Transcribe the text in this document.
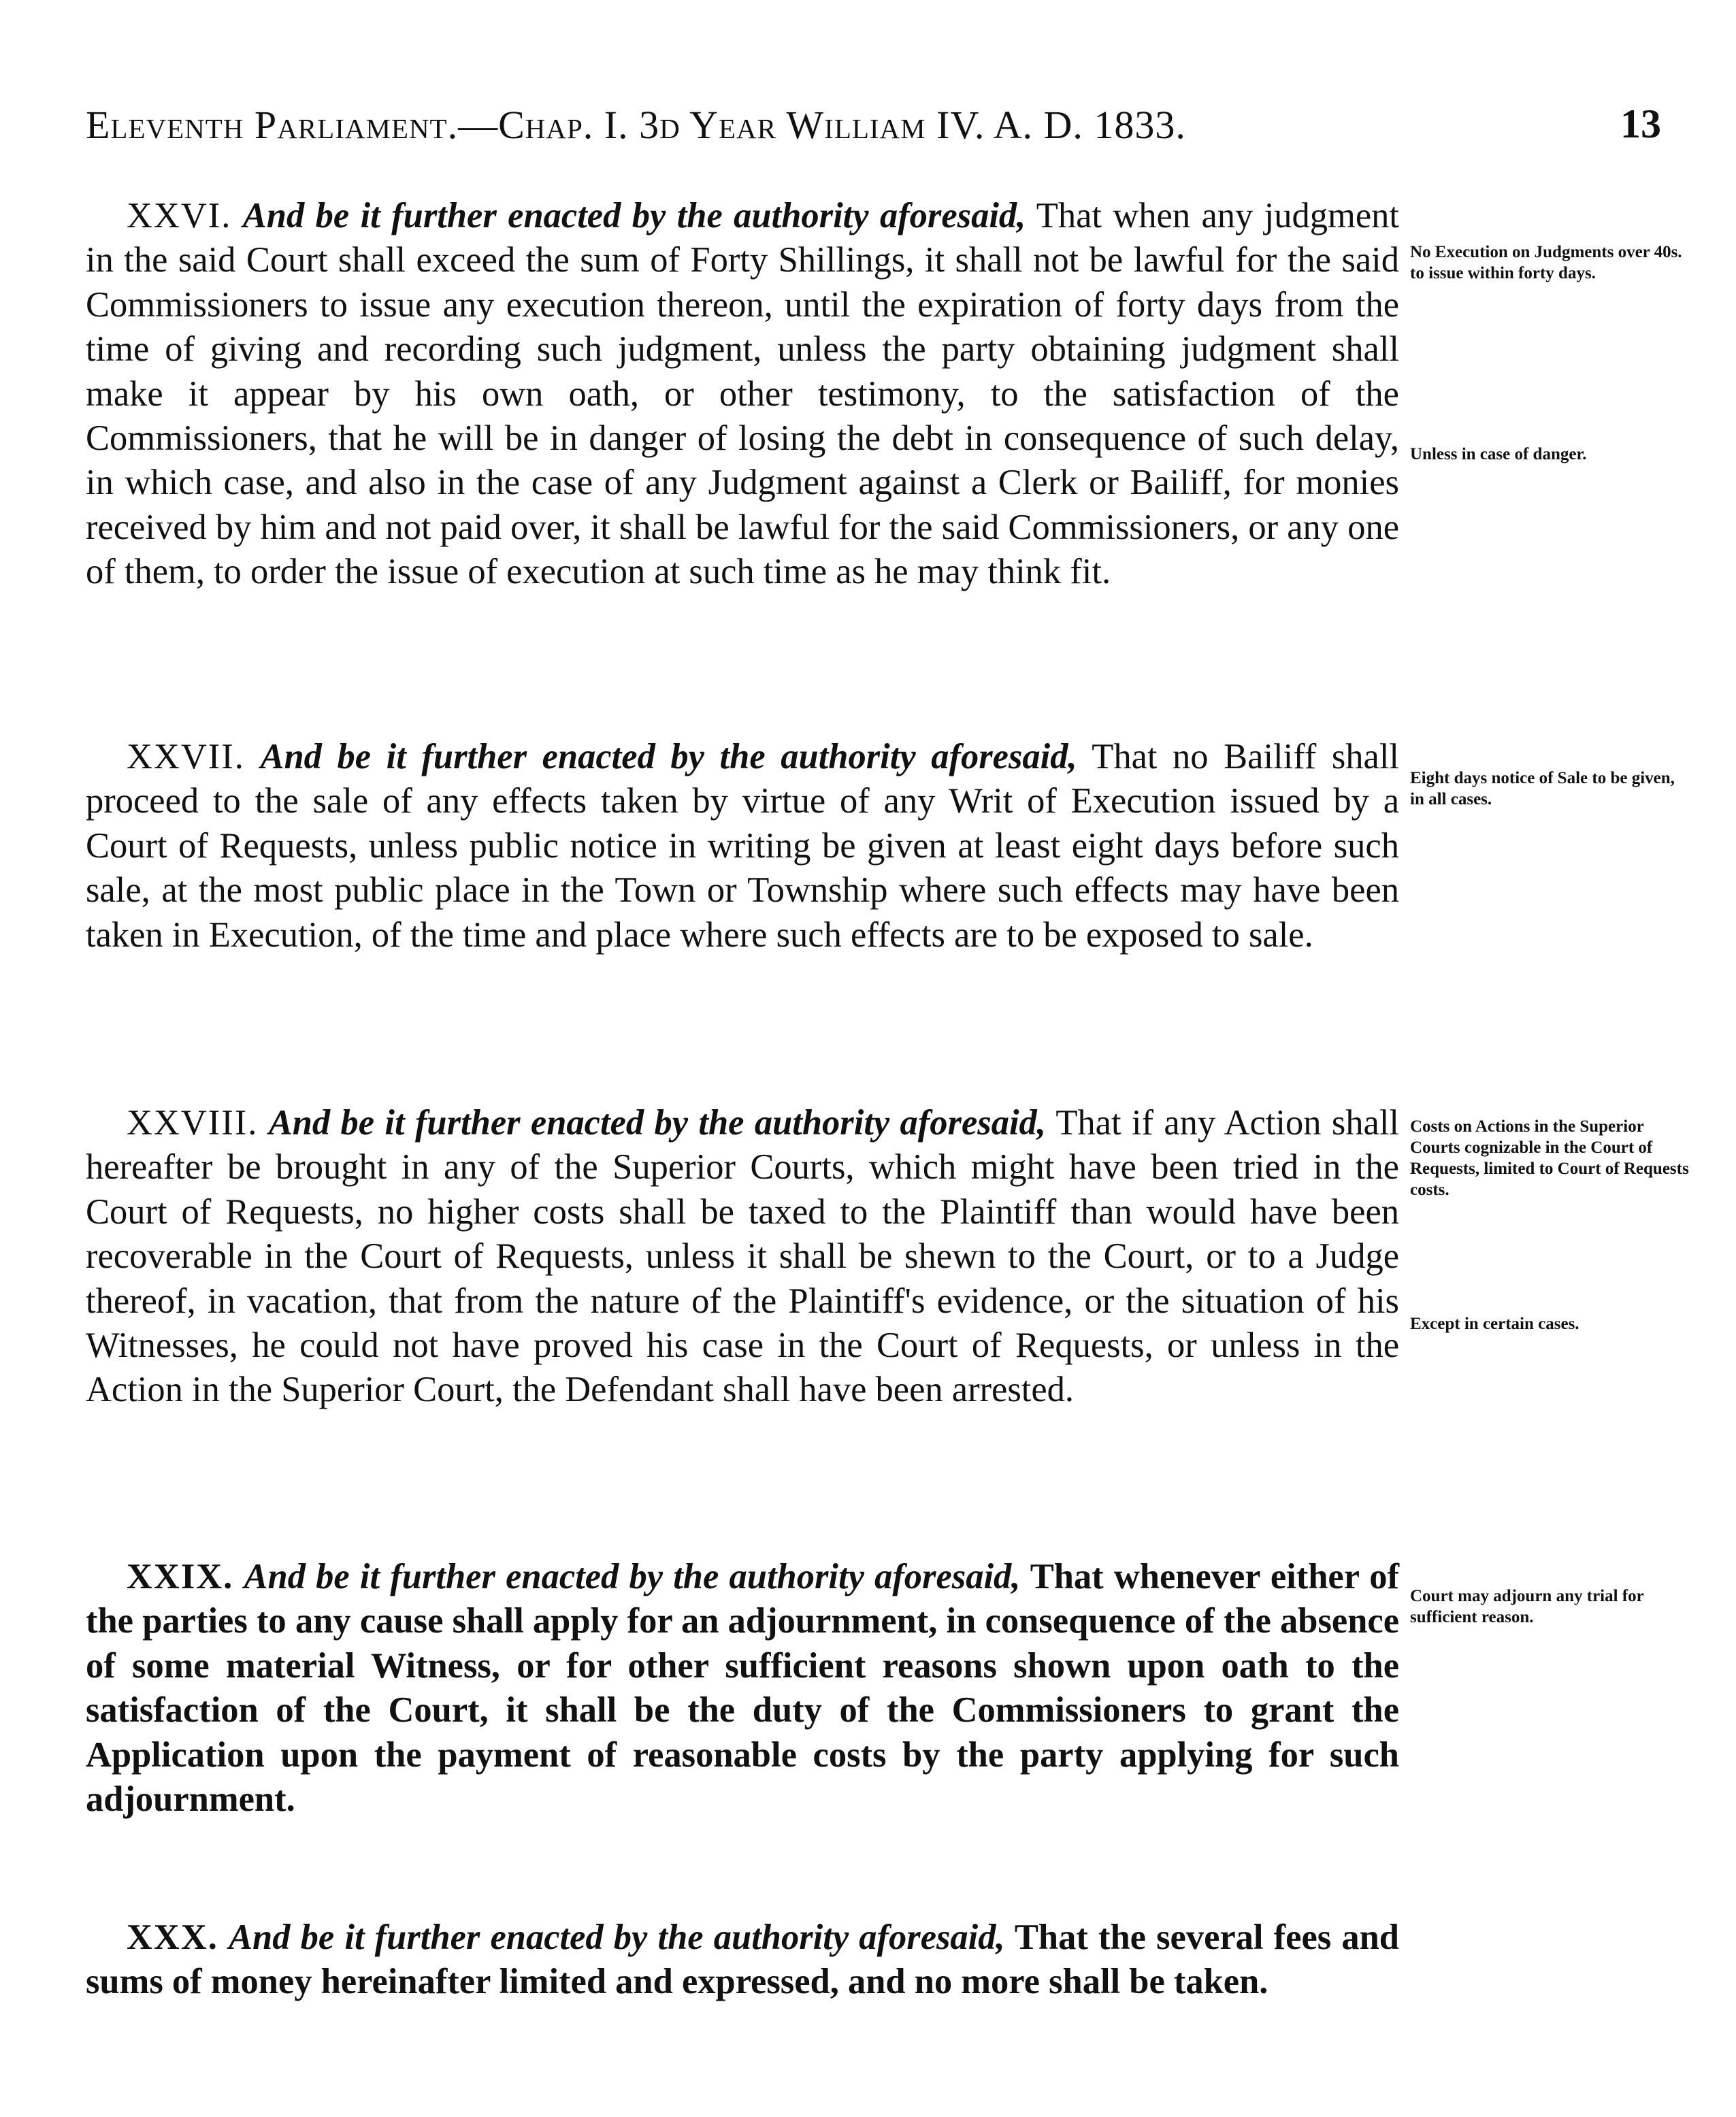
Eleventh Parliament.—Chap. I. 3d Year William IV. A. D. 1833.	13
XXVI. And be it further enacted by the authority aforesaid, That when any judgment in the said Court shall exceed the sum of Forty Shillings, it shall not be lawful for the said Commissioners to issue any execution thereon, until the expiration of forty days from the time of giving and recording such judgment, unless the party obtaining judgment shall make it appear by his own oath, or other testimony, to the satisfaction of the Commissioners, that he will be in danger of losing the debt in consequence of such delay, in which case, and also in the case of any Judgment against a Clerk or Bailiff, for monies received by him and not paid over, it shall be lawful for the said Commissioners, or any one of them, to order the issue of execution at such time as he may think fit.
XXVII. And be it further enacted by the authority aforesaid, That no Bailiff shall proceed to the sale of any effects taken by virtue of any Writ of Execution issued by a Court of Requests, unless public notice in writing be given at least eight days before such sale, at the most public place in the Town or Township where such effects may have been taken in Execution, of the time and place where such effects are to be exposed to sale.
XXVIII. And be it further enacted by the authority aforesaid, That if any Action shall hereafter be brought in any of the Superior Courts, which might have been tried in the Court of Requests, no higher costs shall be taxed to the Plaintiff than would have been recoverable in the Court of Requests, unless it shall be shewn to the Court, or to a Judge thereof, in vacation, that from the nature of the Plaintiff's evidence, or the situation of his Witnesses, he could not have proved his case in the Court of Requests, or unless in the Action in the Superior Court, the Defendant shall have been arrested.
XXIX. And be it further enacted by the authority aforesaid, That whenever either of the parties to any cause shall apply for an adjournment, in consequence of the absence of some material Witness, or for other sufficient reasons shown upon oath to the satisfaction of the Court, it shall be the duty of the Commissioners to grant the Application upon the payment of reasonable costs by the party applying for such adjournment.
XXX. And be it further enacted by the authority aforesaid, That the several fees and sums of money hereinafter limited and expressed, and no more shall be taken.
No Execution on Judgments over 40s. to issue within forty days.
Unless in case of danger.
Eight days notice of Sale to be given, in all cases.
Costs on Actions in the Superior Courts cognizable in the Court of Requests, limited to Court of Requests costs.
Except in certain cases.
Court may adjourn any trial for sufficient reason.
